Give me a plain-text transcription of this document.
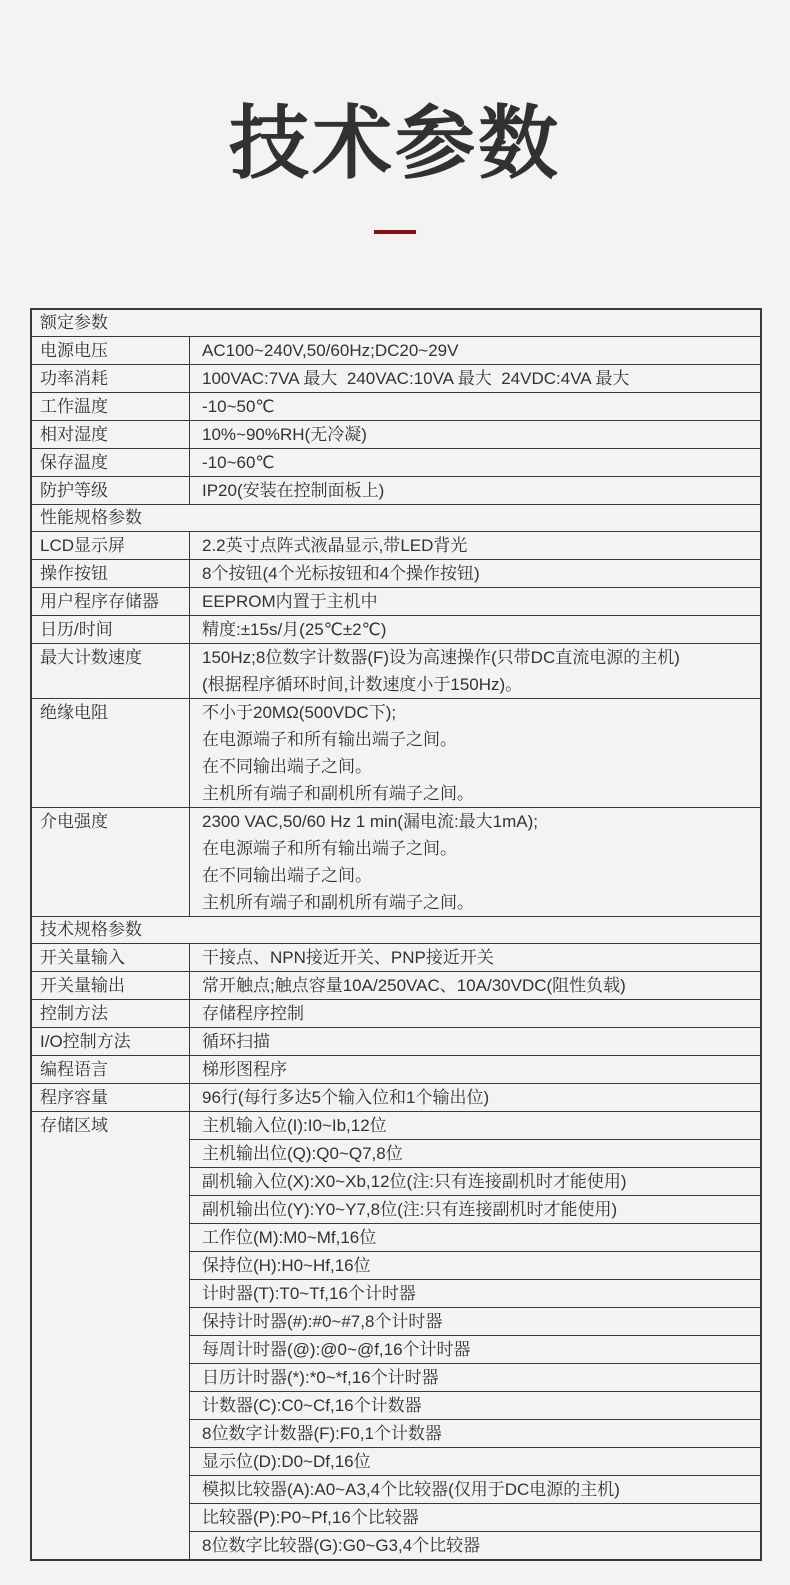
技术参数
额定参数
电源电压	AC100~240V,50/60Hz;DC20~29V
功率消耗	100VAC:7VA 最大  240VAC:10VA 最大  24VDC:4VA 最大
工作温度	-10~50℃
相对湿度	10%~90%RH(无冷凝)
保存温度	-10~60℃
防护等级	IP20(安装在控制面板上)
性能规格参数
LCD显示屏	2.2英寸点阵式液晶显示,带LED背光
操作按钮	8个按钮(4个光标按钮和4个操作按钮)
用户程序存储器	EEPROM内置于主机中
日历/时间	精度:±15s/月(25℃±2℃)
最大计数速度	150Hz;8位数字计数器(F)设为高速操作(只带DC直流电源的主机)
(根据程序循环时间,计数速度小于150Hz)。
绝缘电阻	不小于20MΩ(500VDC下);
在电源端子和所有输出端子之间。
在不同输出端子之间。
主机所有端子和副机所有端子之间。
介电强度	2300 VAC,50/60 Hz 1 min(漏电流:最大1mA);
在电源端子和所有输出端子之间。
在不同输出端子之间。
主机所有端子和副机所有端子之间。
技术规格参数
开关量输入	干接点、NPN接近开关、PNP接近开关
开关量输出	常开触点;触点容量10A/250VAC、10A/30VDC(阻性负载)
控制方法	存储程序控制
I/O控制方法	循环扫描
编程语言	梯形图程序
程序容量	96行(每行多达5个输入位和1个输出位)
存储区域	主机输入位(I):I0~Ib,12位
主机输出位(Q):Q0~Q7,8位
副机输入位(X):X0~Xb,12位(注:只有连接副机时才能使用)
副机输出位(Y):Y0~Y7,8位(注:只有连接副机时才能使用)
工作位(M):M0~Mf,16位
保持位(H):H0~Hf,16位
计时器(T):T0~Tf,16个计时器
保持计时器(#):#0~#7,8个计时器
每周计时器(@):@0~@f,16个计时器
日历计时器(*):*0~*f,16个计时器
计数器(C):C0~Cf,16个计数器
8位数字计数器(F):F0,1个计数器
显示位(D):D0~Df,16位
模拟比较器(A):A0~A3,4个比较器(仅用于DC电源的主机)
比较器(P):P0~Pf,16个比较器
8位数字比较器(G):G0~G3,4个比较器
